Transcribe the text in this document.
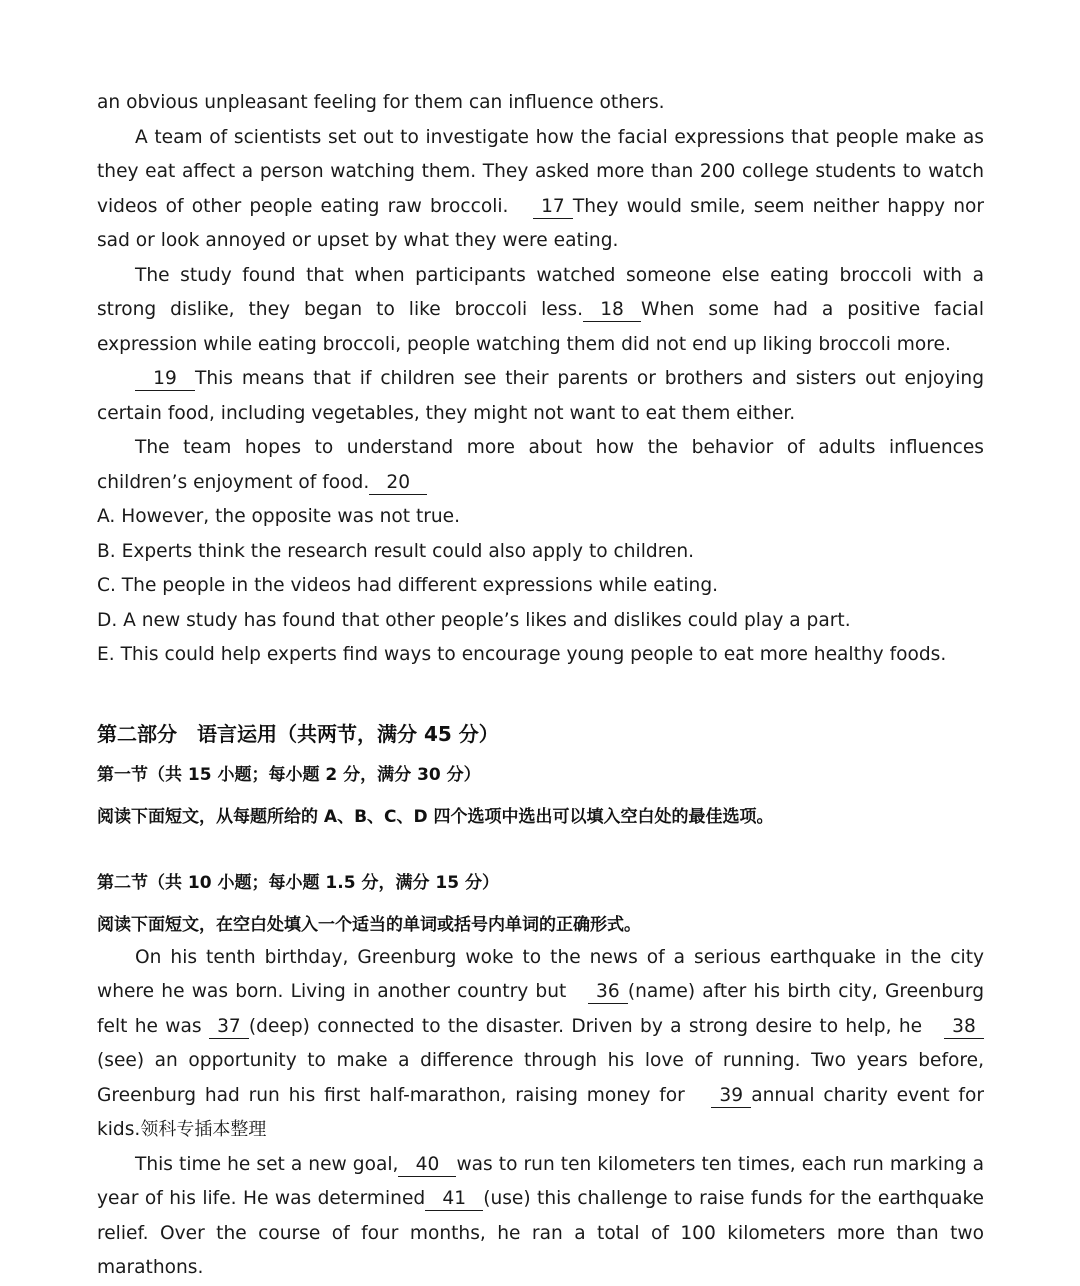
an obvious unpleasant feeling for them can influence others.

A team of scientists set out to investigate how the facial expressions that people make as they eat affect a person watching them. They asked more than 200 college students to watch videos of other people eating raw broccoli. 17 They would smile, seem neither happy nor sad or look annoyed or upset by what they were eating.

The study found that when participants watched someone else eating broccoli with a strong dislike, they began to like broccoli less. 18 When some had a positive facial expression while eating broccoli, people watching them did not end up liking broccoli more.

19 This means that if children see their parents or brothers and sisters out enjoying certain food, including vegetables, they might not want to eat them either.

The team hopes to understand more about how the behavior of adults influences children’s enjoyment of food. 20

A. However, the opposite was not true.

B. Experts think the research result could also apply to children.

C. The people in the videos had different expressions while eating.

D. A new study has found that other people’s likes and dislikes could play a part.

E. This could help experts find ways to encourage young people to eat more healthy foods.

第二部分　语言运用（共两节，满分 45 分）

第一节（共 15 小题；每小题 2 分，满分 30 分）

阅读下面短文，从每题所给的 A、B、C、D 四个选项中选出可以填入空白处的最佳选项。

第二节（共 10 小题；每小题 1.5 分，满分 15 分）

阅读下面短文，在空白处填入一个适当的单词或括号内单词的正确形式。

On his tenth birthday, Greenburg woke to the news of a serious earthquake in the city where he was born. Living in another country but 36 (name) after his birth city, Greenburg felt he was 37 (deep) connected to the disaster. Driven by a strong desire to help, he 38(see) an opportunity to make a difference through his love of running. Two years before, Greenburg had run his first half-marathon, raising money for 39 annual charity event for kids.领科专插本整理

This time he set a new goal, 40 was to run ten kilometers ten times, each run marking a year of his life. He was determined 41 (use) this challenge to raise funds for the earthquake relief. Over the course of four months, he ran a total of 100 kilometers more than two marathons.
